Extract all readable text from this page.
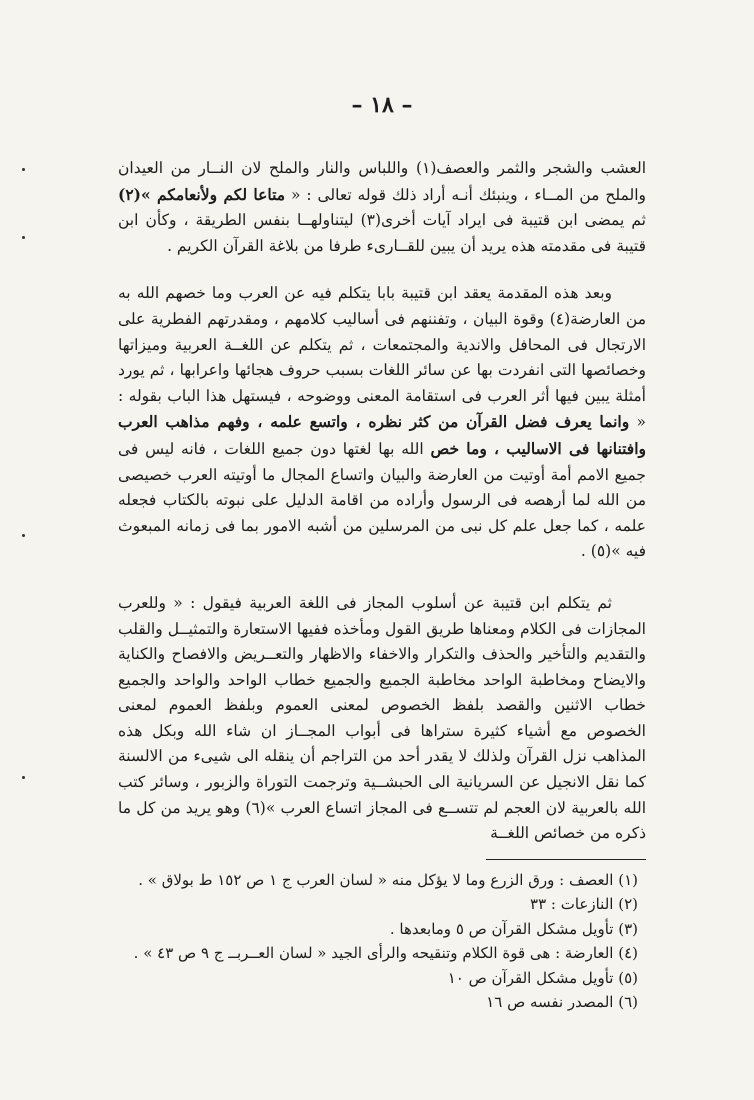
– ١٨ –

العشب والشجر والثمر والعصف(١) واللباس والنار والملح لان النــار من العيدان والملح من المــاء ، وينبئك أنـه أراد ذلك قوله تعالى : « متاعا لكم ولأنعامكم »(٢) ثم يمضى ابن قتيبة فى ايراد آيات أخرى(٣) ليتناولهــا بنفس الطريقة ، وكأن ابن قتيبة فى مقدمته هذه يريد أن يبين للقــارىء طرفا من بلاغة القرآن الكريم .

وبعد هذه المقدمة يعقد ابن قتيبة بابا يتكلم فيه عن العرب وما خصهم الله به من العارضة(٤) وقوة البيان ، وتفننهم فى أساليب كلامهم ، ومقدرتهم الفطرية على الارتجال فى المحافل والاندية والمجتمعات ، ثم يتكلم عن اللغــة العربية وميزاتها وخصائصها التى انفردت بها عن سائر اللغات بسبب حروف هجائها واعرابها ، ثم يورد أمثلة يبين فيها أثر العرب فى استقامة المعنى ووضوحه ، فيستهل هذا الباب بقوله : « وانما يعرف فضل القرآن من كثر نظره ، واتسع علمه ، وفهم مذاهب العرب وافتنانها فى الاساليب ، وما خص الله بها لغتها دون جميع اللغات ، فانه ليس فى جميع الامم أمة أوتيت من العارضة والبيان واتساع المجال ما أوتيته العرب خصيصى من الله لما أرهصه فى الرسول وأراده من اقامة الدليل على نبوته بالكتاب فجعله علمه ، كما جعل علم كل نبى من المرسلين من أشبه الامور بما فى زمانه المبعوث فيه »(٥) .

ثم يتكلم ابن قتيبة عن أسلوب المجاز فى اللغة العربية فيقول : « وللعرب المجازات فى الكلام ومعناها طريق القول ومأخذه ففيها الاستعارة والتمثيــل والقلب والتقديم والتأخير والحذف والتكرار والاخفاء والاظهار والتعــريض والافصاح والكناية والايضاح ومخاطبة الواحد مخاطبة الجميع والجميع خطاب الواحد والواحد والجميع خطاب الاثنين والقصد بلفظ الخصوص لمعنى العموم وبلفظ العموم لمعنى الخصوص مع أشياء كثيرة ستراها فى أبواب المجــاز ان شاء الله وبكل هذه المذاهب نزل القرآن ولذلك لا يقدر أحد من التراجم أن ينقله الى شيىء من الالسنة كما نقل الانجيل عن السريانية الى الحبشــية وترجمت التوراة والزبور ، وسائر كتب الله بالعربية لان العجم لم تتســع فى المجاز اتساع العرب »(٦) وهو يريد من كل ما ذكره من خصائص اللغــة

(١) العصف : ورق الزرع وما لا يؤكل منه « لسان العرب ج ١ ص ١٥٢ ط بولاق » .

(٢) النازعات : ٣٣

(٣) تأويل مشكل القرآن ص ٥ ومابعدها .

(٤) العارضة : هى قوة الكلام وتنقيحه والرأى الجيد « لسان العــربــ ج ٩ ص ٤٣ » .

(٥) تأويل مشكل القرآن ص ١٠

(٦) المصدر نفسه ص ١٦
